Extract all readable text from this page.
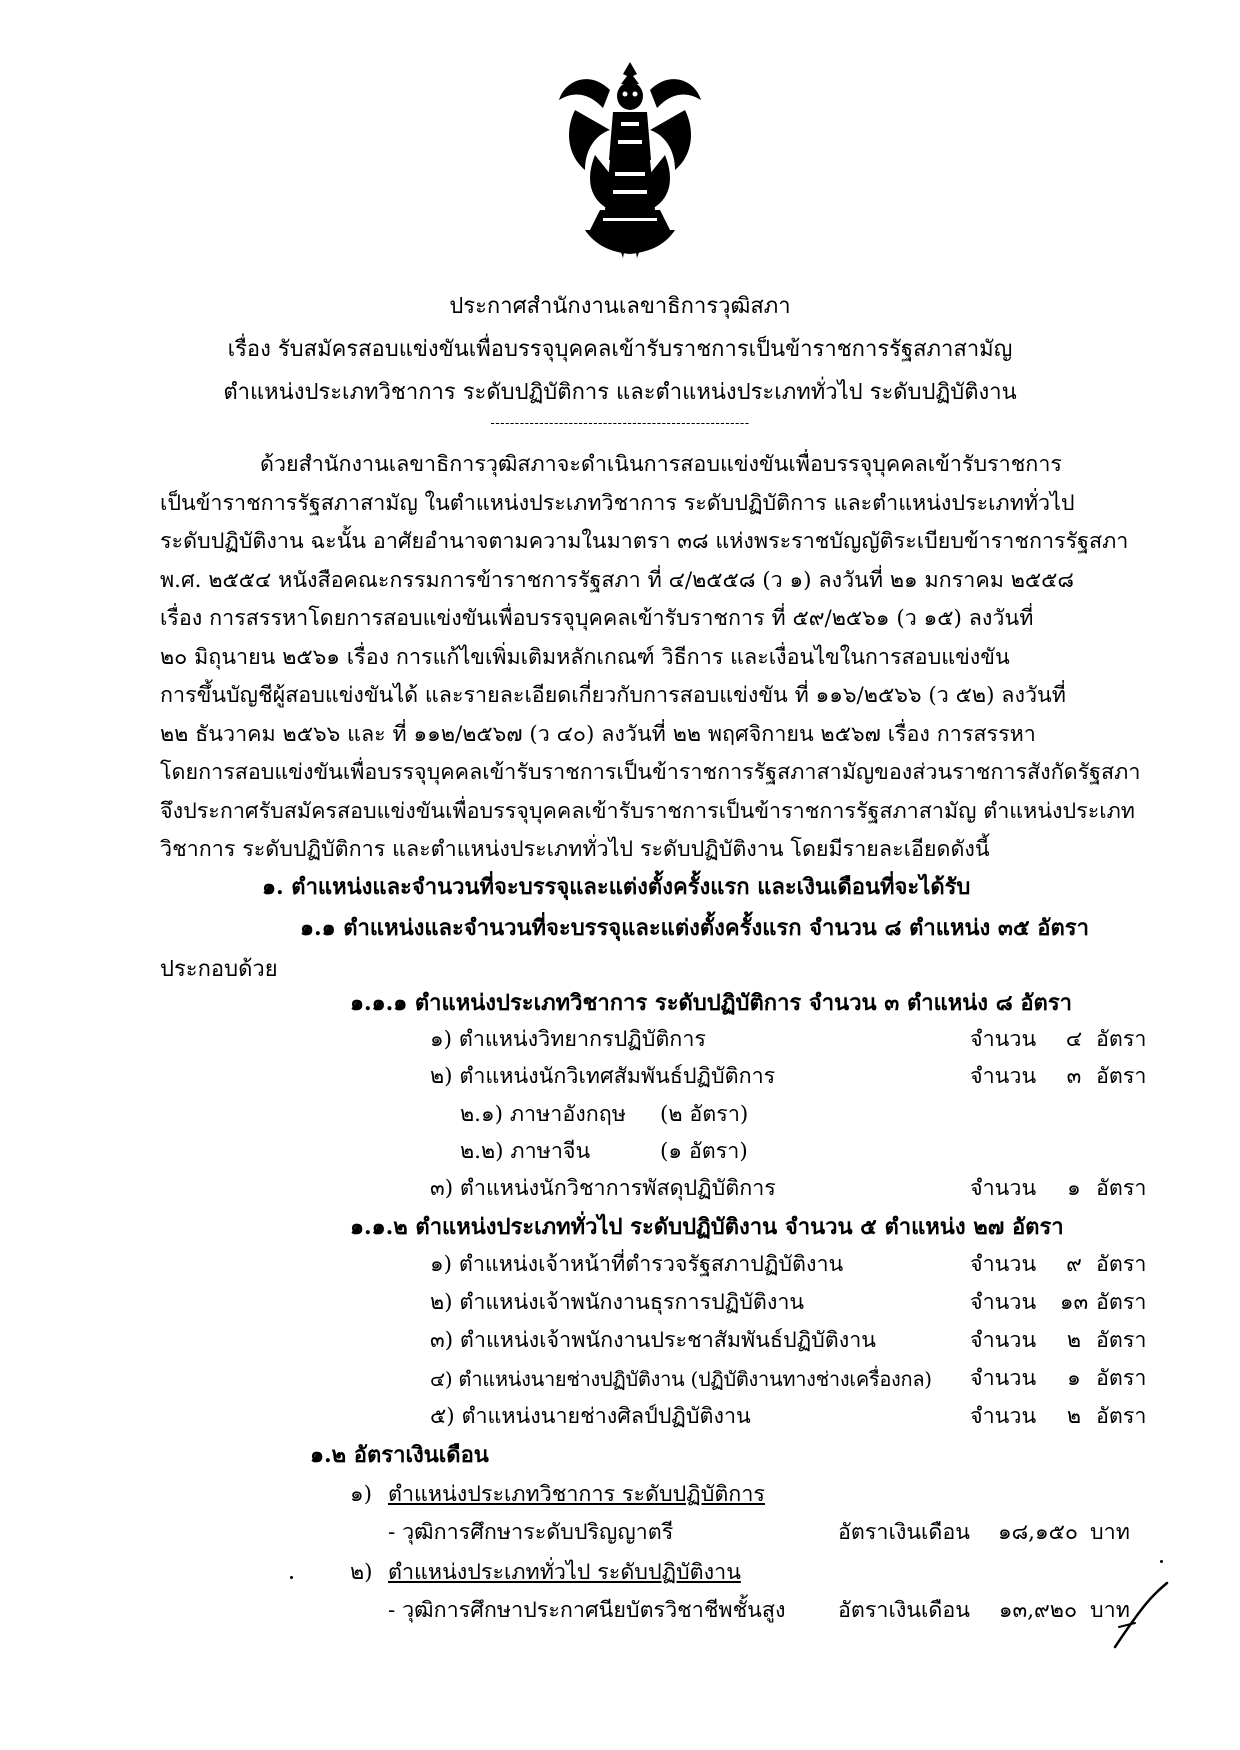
ประกาศสำนักงานเลขาธิการวุฒิสภา
เรื่อง รับสมัครสอบแข่งขันเพื่อบรรจุบุคคลเข้ารับราชการเป็นข้าราชการรัฐสภาสามัญ
ตำแหน่งประเภทวิชาการ ระดับปฏิบัติการ และตำแหน่งประเภททั่วไป ระดับปฏิบัติงาน
-----------------------------------------------------
ด้วยสำนักงานเลขาธิการวุฒิสภาจะดำเนินการสอบแข่งขันเพื่อบรรจุบุคคลเข้ารับราชการ
เป็นข้าราชการรัฐสภาสามัญ ในตำแหน่งประเภทวิชาการ ระดับปฏิบัติการ และตำแหน่งประเภททั่วไป
ระดับปฏิบัติงาน ฉะนั้น อาศัยอำนาจตามความในมาตรา ๓๘ แห่งพระราชบัญญัติระเบียบข้าราชการรัฐสภา
พ.ศ. ๒๕๕๔ หนังสือคณะกรรมการข้าราชการรัฐสภา ที่ ๔/๒๕๕๘ (ว ๑) ลงวันที่ ๒๑ มกราคม ๒๕๕๘
เรื่อง การสรรหาโดยการสอบแข่งขันเพื่อบรรจุบุคคลเข้ารับราชการ ที่ ๕๙/๒๕๖๑ (ว ๑๕) ลงวันที่
๒๐ มิถุนายน ๒๕๖๑ เรื่อง การแก้ไขเพิ่มเติมหลักเกณฑ์ วิธีการ และเงื่อนไขในการสอบแข่งขัน
การขึ้นบัญชีผู้สอบแข่งขันได้ และรายละเอียดเกี่ยวกับการสอบแข่งขัน ที่ ๑๑๖/๒๕๖๖ (ว ๕๒) ลงวันที่
๒๒ ธันวาคม ๒๕๖๖ และ ที่ ๑๑๒/๒๕๖๗ (ว ๔๐) ลงวันที่ ๒๒ พฤศจิกายน ๒๕๖๗ เรื่อง การสรรหา
โดยการสอบแข่งขันเพื่อบรรจุบุคคลเข้ารับราชการเป็นข้าราชการรัฐสภาสามัญของส่วนราชการสังกัดรัฐสภา
จึงประกาศรับสมัครสอบแข่งขันเพื่อบรรจุบุคคลเข้ารับราชการเป็นข้าราชการรัฐสภาสามัญ ตำแหน่งประเภท
วิชาการ ระดับปฏิบัติการ และตำแหน่งประเภททั่วไป ระดับปฏิบัติงาน โดยมีรายละเอียดดังนี้
๑. ตำแหน่งและจำนวนที่จะบรรจุและแต่งตั้งครั้งแรก และเงินเดือนที่จะได้รับ
๑.๑ ตำแหน่งและจำนวนที่จะบรรจุและแต่งตั้งครั้งแรก จำนวน ๘ ตำแหน่ง ๓๕ อัตรา
ประกอบด้วย
๑.๑.๑ ตำแหน่งประเภทวิชาการ ระดับปฏิบัติการ จำนวน ๓ ตำแหน่ง ๘ อัตรา
๑) ตำแหน่งวิทยากรปฏิบัติการ	จำนวน	๔ อัตรา
๒) ตำแหน่งนักวิเทศสัมพันธ์ปฏิบัติการ	จำนวน	๓ อัตรา
๒.๑) ภาษาอังกฤษ	(๒ อัตรา)
๒.๒) ภาษาจีน	(๑ อัตรา)
๓) ตำแหน่งนักวิชาการพัสดุปฏิบัติการ	จำนวน	๑ อัตรา
๑.๑.๒ ตำแหน่งประเภททั่วไป ระดับปฏิบัติงาน จำนวน ๕ ตำแหน่ง ๒๗ อัตรา
๑) ตำแหน่งเจ้าหน้าที่ตำรวจรัฐสภาปฏิบัติงาน	จำนวน	๙ อัตรา
๒) ตำแหน่งเจ้าพนักงานธุรการปฏิบัติงาน	จำนวน	๑๓ อัตรา
๓) ตำแหน่งเจ้าพนักงานประชาสัมพันธ์ปฏิบัติงาน	จำนวน	๒ อัตรา
๔) ตำแหน่งนายช่างปฏิบัติงาน (ปฏิบัติงานทางช่างเครื่องกล)	จำนวน	๑ อัตรา
๕) ตำแหน่งนายช่างศิลป์ปฏิบัติงาน	จำนวน	๒ อัตรา
๑.๒ อัตราเงินเดือน
๑) ตำแหน่งประเภทวิชาการ ระดับปฏิบัติการ
- วุฒิการศึกษาระดับปริญญาตรี	อัตราเงินเดือน	๑๘,๑๕๐ บาท
๒) ตำแหน่งประเภททั่วไป ระดับปฏิบัติงาน
- วุฒิการศึกษาประกาศนียบัตรวิชาชีพชั้นสูง	อัตราเงินเดือน	๑๓,๙๒๐ บาท
